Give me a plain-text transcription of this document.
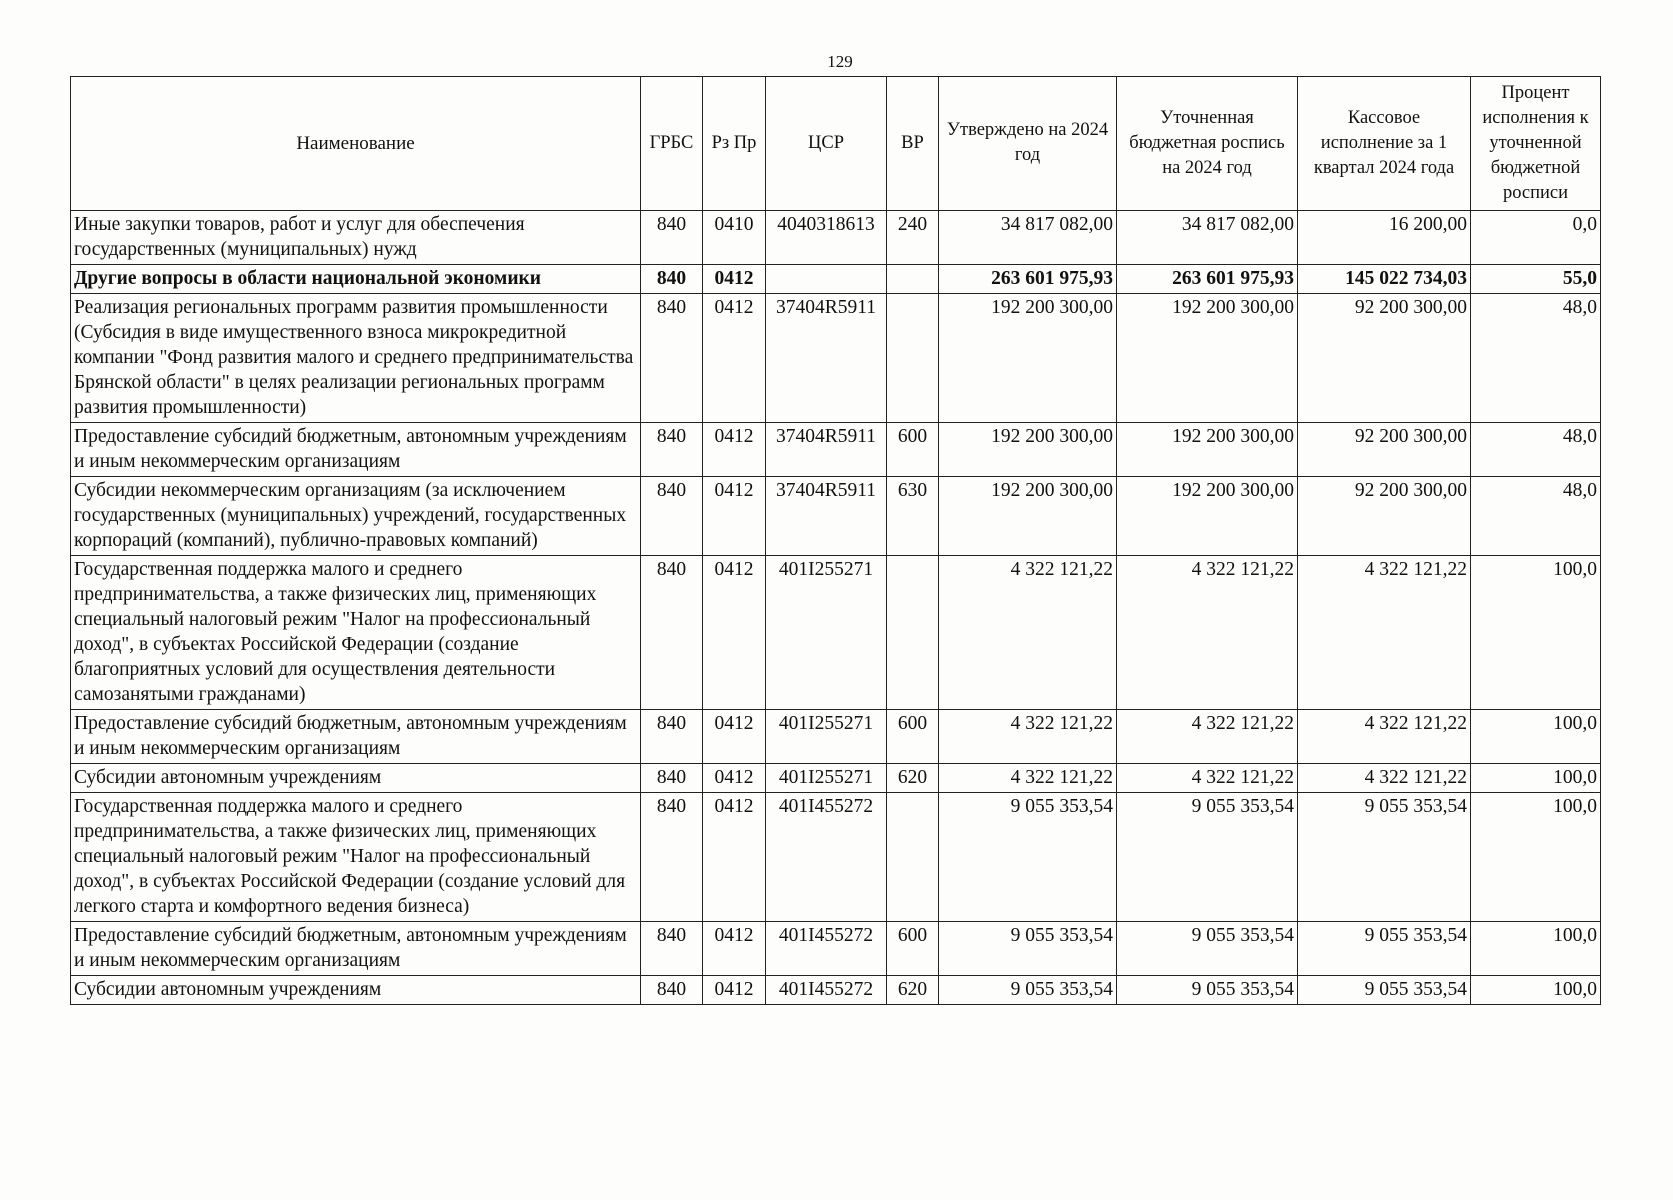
129
Наименование	ГРБС	Рз Пр	ЦСР	ВР	Утверждено на 2024 год	Уточненная бюджетная роспись на 2024 год	Кассовое исполнение за 1 квартал 2024 года	Процент исполнения к уточненной бюджетной росписи
Иные закупки товаров, работ и услуг для обеспечения государственных (муниципальных) нужд	840	0410	4040318613	240	34 817 082,00	34 817 082,00	16 200,00	0,0
Другие вопросы в области национальной экономики	840	0412			263 601 975,93	263 601 975,93	145 022 734,03	55,0
Реализация региональных программ развития промышленности (Субсидия в виде имущественного взноса микрокредитной компании "Фонд развития малого и среднего предпринимательства Брянской области" в целях реализации региональных программ развития промышленности)	840	0412	37404R5911		192 200 300,00	192 200 300,00	92 200 300,00	48,0
Предоставление субсидий бюджетным, автономным учреждениям и иным некоммерческим организациям	840	0412	37404R5911	600	192 200 300,00	192 200 300,00	92 200 300,00	48,0
Субсидии некоммерческим организациям (за исключением государственных (муниципальных) учреждений, государственных корпораций (компаний), публично-правовых компаний)	840	0412	37404R5911	630	192 200 300,00	192 200 300,00	92 200 300,00	48,0
Государственная поддержка малого и среднего предпринимательства, а также физических лиц, применяющих специальный налоговый режим "Налог на профессиональный доход", в субъектах Российской Федерации (создание благоприятных условий для осуществления деятельности самозанятыми гражданами)	840	0412	401I255271		4 322 121,22	4 322 121,22	4 322 121,22	100,0
Предоставление субсидий бюджетным, автономным учреждениям и иным некоммерческим организациям	840	0412	401I255271	600	4 322 121,22	4 322 121,22	4 322 121,22	100,0
Субсидии автономным учреждениям	840	0412	401I255271	620	4 322 121,22	4 322 121,22	4 322 121,22	100,0
Государственная поддержка малого и среднего предпринимательства, а также физических лиц, применяющих специальный налоговый режим "Налог на профессиональный доход", в субъектах Российской Федерации (создание условий для легкого старта и комфортного ведения бизнеса)	840	0412	401I455272		9 055 353,54	9 055 353,54	9 055 353,54	100,0
Предоставление субсидий бюджетным, автономным учреждениям и иным некоммерческим организациям	840	0412	401I455272	600	9 055 353,54	9 055 353,54	9 055 353,54	100,0
Субсидии автономным учреждениям	840	0412	401I455272	620	9 055 353,54	9 055 353,54	9 055 353,54	100,0
